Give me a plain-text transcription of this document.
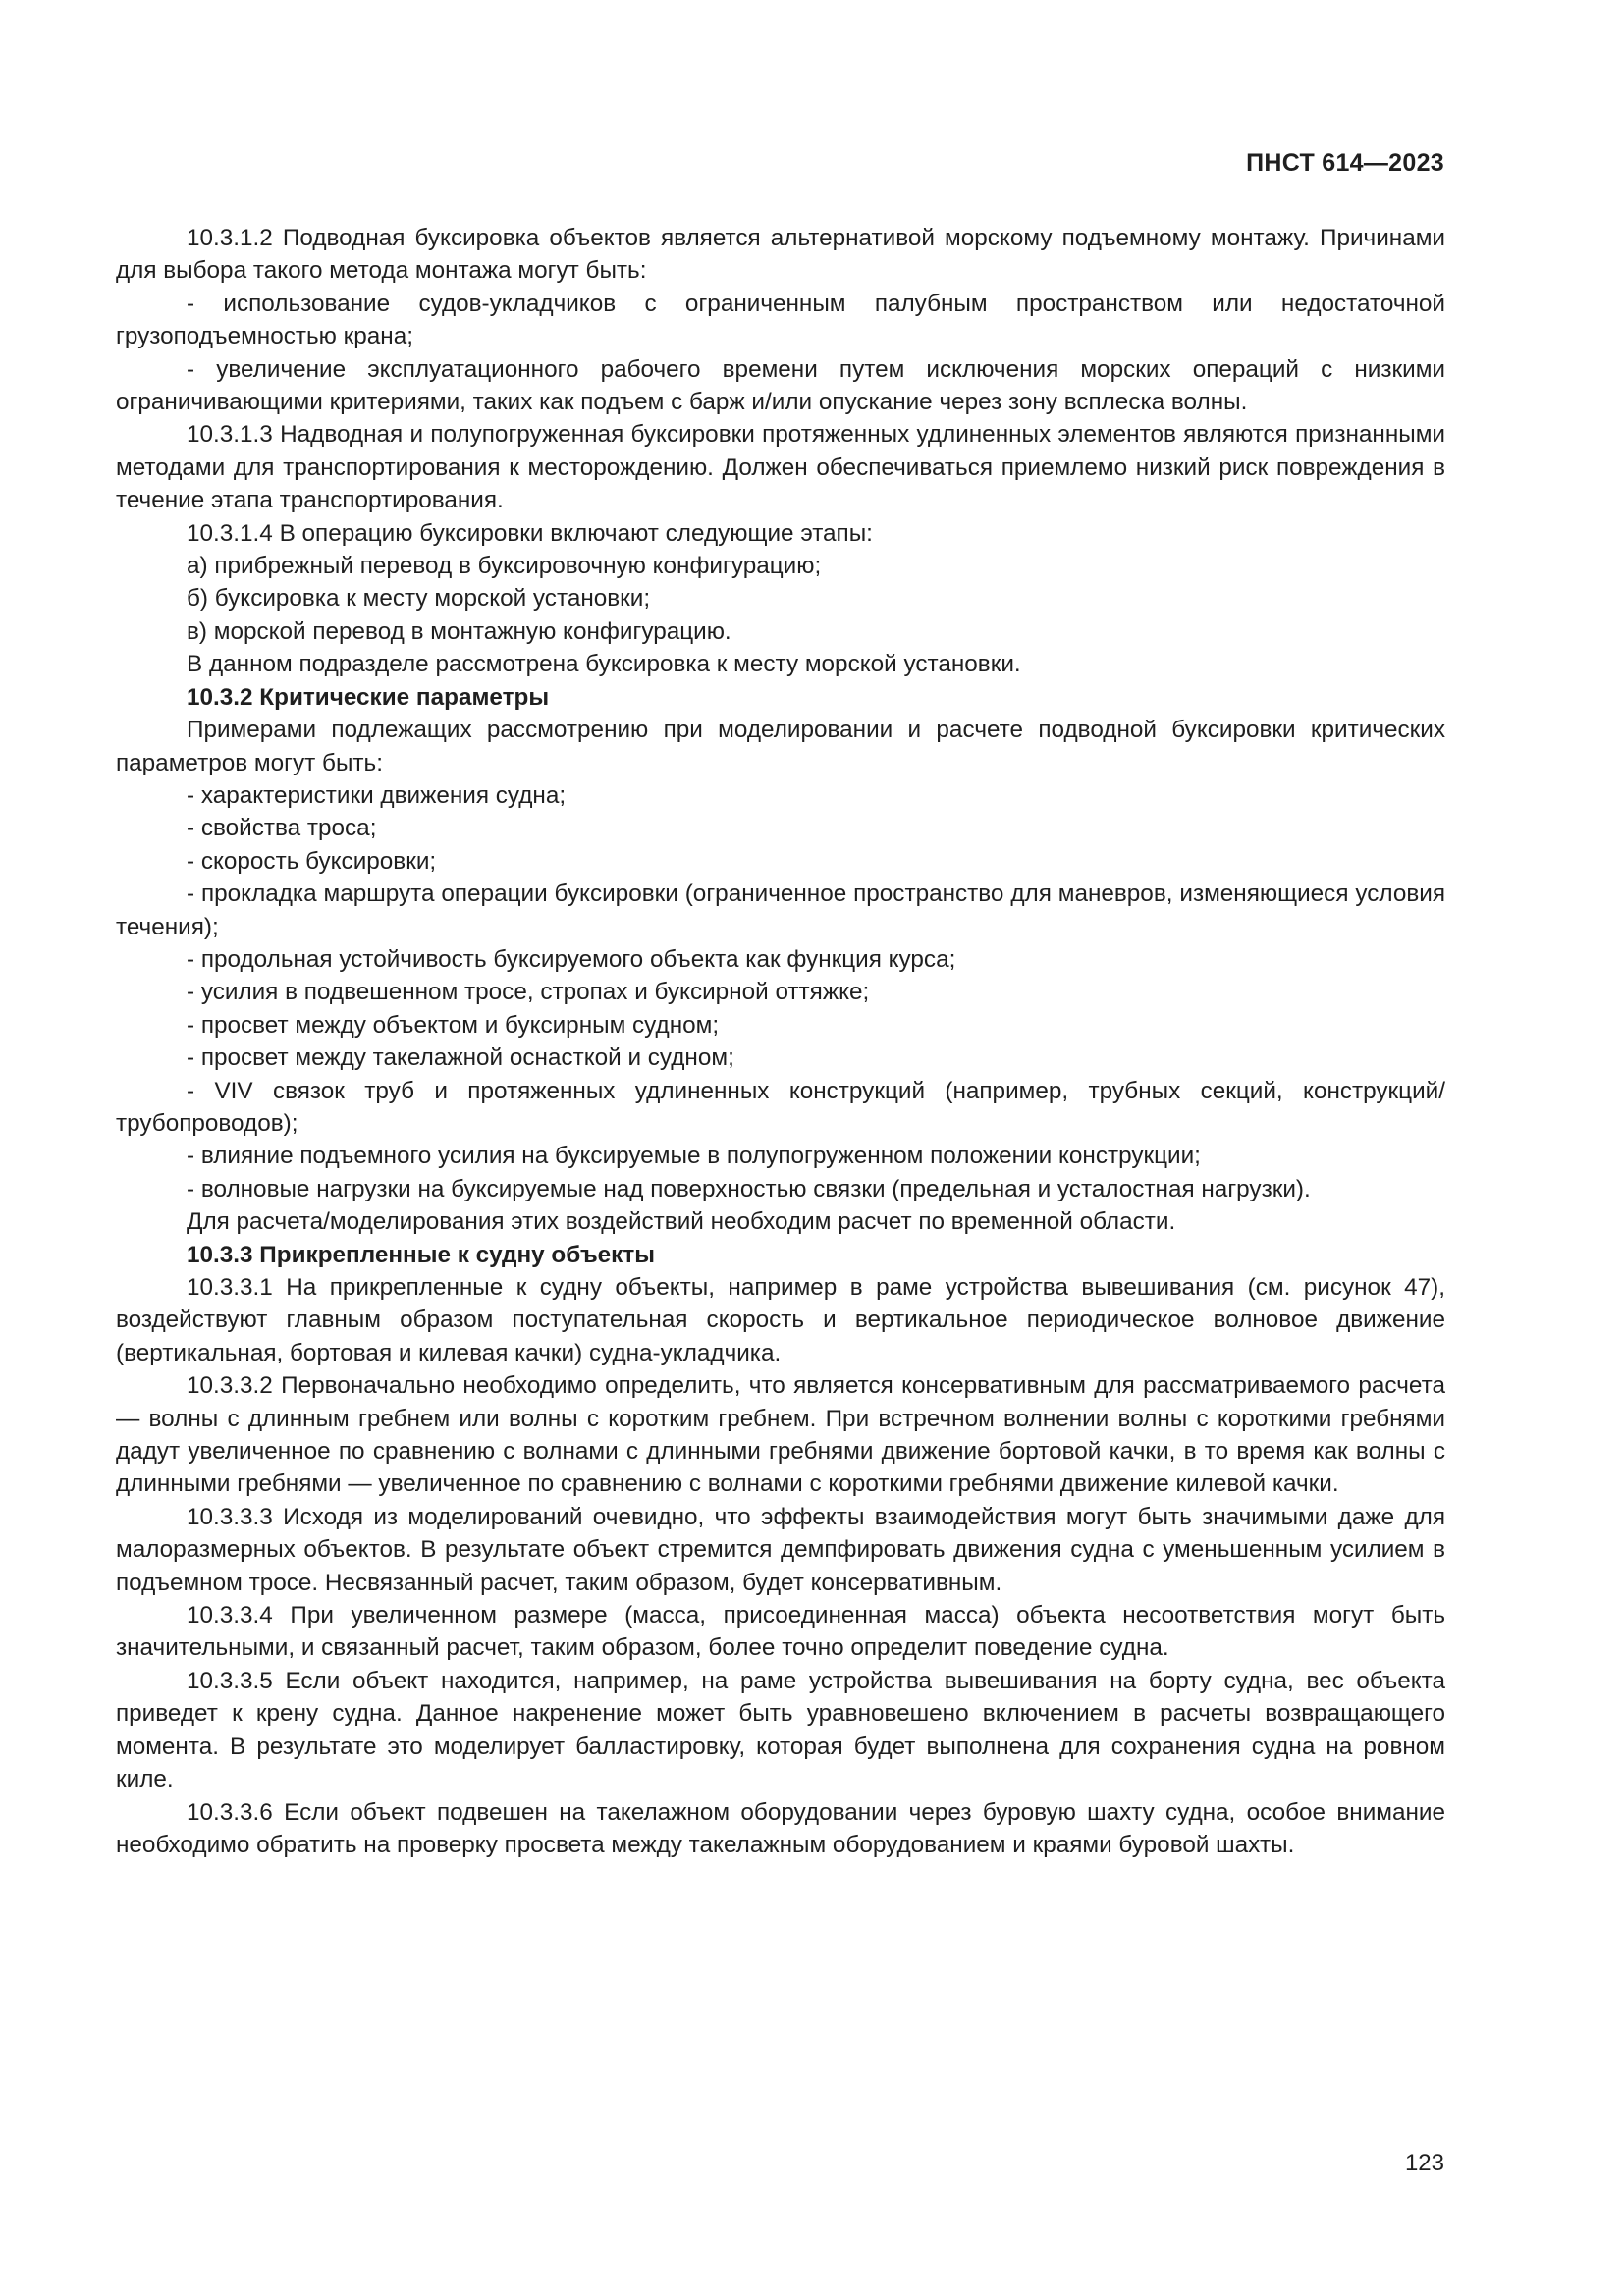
ПНСТ 614—2023

10.3.1.2 Подводная буксировка объектов является альтернативой морскому подъемному монтажу. Причинами для выбора такого метода монтажа могут быть:

- использование судов-укладчиков с ограниченным палубным пространством или недостаточной грузоподъемностью крана;

- увеличение эксплуатационного рабочего времени путем исключения морских операций с низкими ограничивающими критериями, таких как подъем с барж и/или опускание через зону всплеска волны.

10.3.1.3 Надводная и полупогруженная буксировки протяженных удлиненных элементов являются признанными методами для транспортирования к месторождению. Должен обеспечиваться приемлемо низкий риск повреждения в течение этапа транспортирования.

10.3.1.4 В операцию буксировки включают следующие этапы:

а) прибрежный перевод в буксировочную конфигурацию;

б) буксировка к месту морской установки;

в) морской перевод в монтажную конфигурацию.

В данном подразделе рассмотрена буксировка к месту морской установки.

10.3.2 Критические параметры

Примерами подлежащих рассмотрению при моделировании и расчете подводной буксировки критических параметров могут быть:

- характеристики движения судна;

- свойства троса;

- скорость буксировки;

- прокладка маршрута операции буксировки (ограниченное пространство для маневров, изменяющиеся условия течения);

- продольная устойчивость буксируемого объекта как функция курса;

- усилия в подвешенном тросе, стропах и буксирной оттяжке;

- просвет между объектом и буксирным судном;

- просвет между такелажной оснасткой и судном;

- VIV связок труб и протяженных удлиненных конструкций (например, трубных секций, конструкций/трубопроводов);

- влияние подъемного усилия на буксируемые в полупогруженном положении конструкции;

- волновые нагрузки на буксируемые над поверхностью связки (предельная и усталостная нагрузки).

Для расчета/моделирования этих воздействий необходим расчет по временной области.

10.3.3 Прикрепленные к судну объекты

10.3.3.1 На прикрепленные к судну объекты, например в раме устройства вывешивания (см. рисунок 47), воздействуют главным образом поступательная скорость и вертикальное периодическое волновое движение (вертикальная, бортовая и килевая качки) судна-укладчика.

10.3.3.2 Первоначально необходимо определить, что является консервативным для рассматриваемого расчета — волны с длинным гребнем или волны с коротким гребнем. При встречном волнении волны с короткими гребнями дадут увеличенное по сравнению с волнами с длинными гребнями движение бортовой качки, в то время как волны с длинными гребнями — увеличенное по сравнению с волнами с короткими гребнями движение килевой качки.

10.3.3.3 Исходя из моделирований очевидно, что эффекты взаимодействия могут быть значимыми даже для малоразмерных объектов. В результате объект стремится демпфировать движения судна с уменьшенным усилием в подъемном тросе. Несвязанный расчет, таким образом, будет консервативным.

10.3.3.4 При увеличенном размере (масса, присоединенная масса) объекта несоответствия могут быть значительными, и связанный расчет, таким образом, более точно определит поведение судна.

10.3.3.5 Если объект находится, например, на раме устройства вывешивания на борту судна, вес объекта приведет к крену судна. Данное накренение может быть уравновешено включением в расчеты возвращающего момента. В результате это моделирует балластировку, которая будет выполнена для сохранения судна на ровном киле.

10.3.3.6 Если объект подвешен на такелажном оборудовании через буровую шахту судна, особое внимание необходимо обратить на проверку просвета между такелажным оборудованием и краями буровой шахты.

123
